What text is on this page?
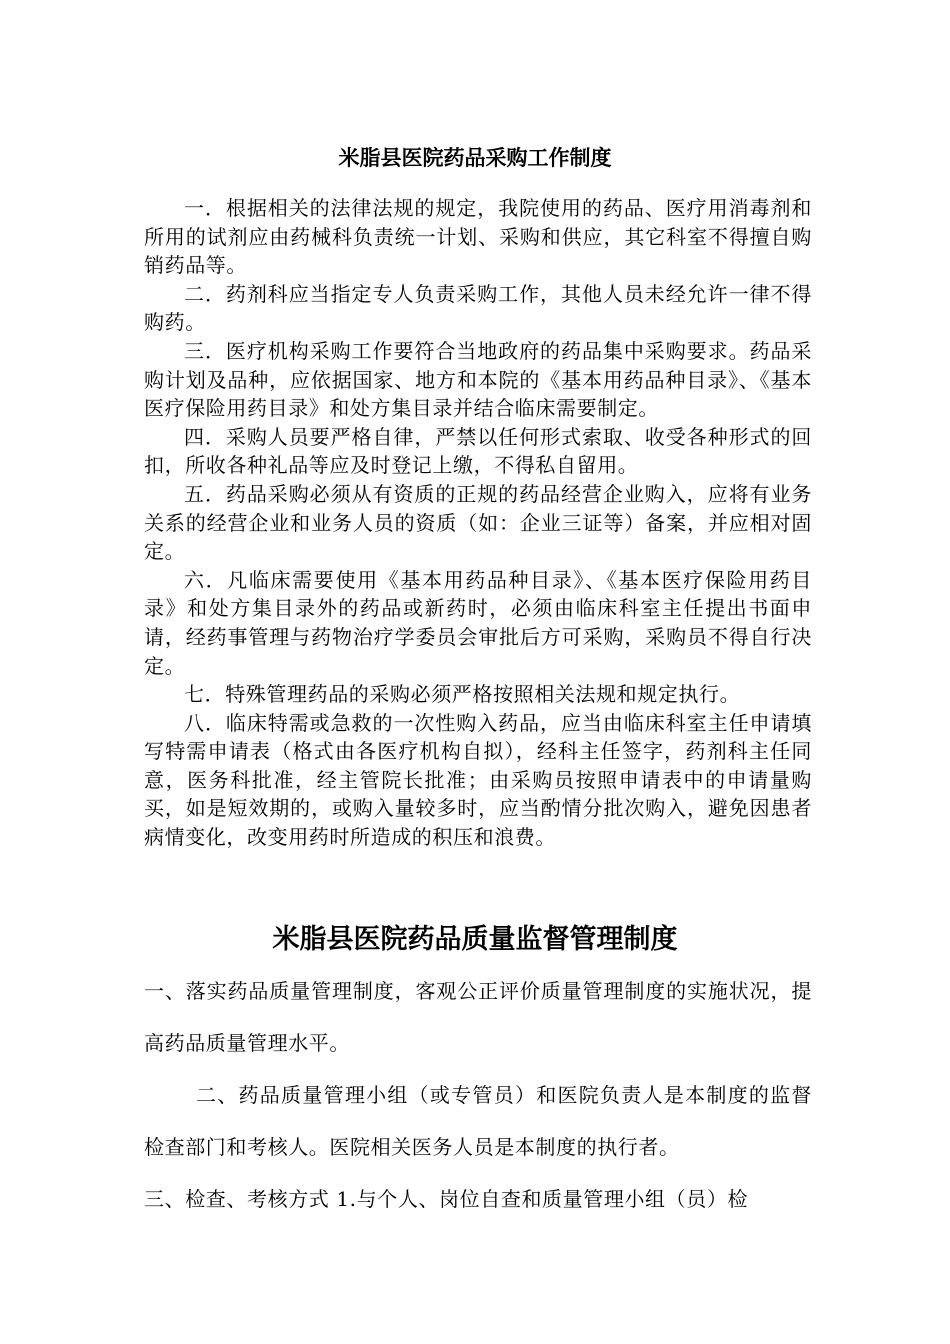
米脂县医院药品采购工作制度

一．根据相关的法律法规的规定，我院使用的药品、医疗用消毒剂和所用的试剂应由药械科负责统一计划、采购和供应，其它科室不得擅自购销药品等。

二．药剂科应当指定专人负责采购工作，其他人员未经允许一律不得购药。

三．医疗机构采购工作要符合当地政府的药品集中采购要求。药品采购计划及品种，应依据国家、地方和本院的《基本用药品种目录》、《基本医疗保险用药目录》和处方集目录并结合临床需要制定。

四．采购人员要严格自律，严禁以任何形式索取、收受各种形式的回扣，所收各种礼品等应及时登记上缴，不得私自留用。

五．药品采购必须从有资质的正规的药品经营企业购入，应将有业务关系的经营企业和业务人员的资质（如：企业三证等）备案，并应相对固定。

六．凡临床需要使用《基本用药品种目录》、《基本医疗保险用药目录》和处方集目录外的药品或新药时，必须由临床科室主任提出书面申请，经药事管理与药物治疗学委员会审批后方可采购，采购员不得自行决定。

七．特殊管理药品的采购必须严格按照相关法规和规定执行。

八．临床特需或急救的一次性购入药品，应当由临床科室主任申请填写特需申请表（格式由各医疗机构自拟），经科主任签字，药剂科主任同意，医务科批准，经主管院长批准；由采购员按照申请表中的申请量购买，如是短效期的，或购入量较多时，应当酌情分批次购入，避免因患者病情变化，改变用药时所造成的积压和浪费。

米脂县医院药品质量监督管理制度

一、落实药品质量管理制度，客观公正评价质量管理制度的实施状况，提高药品质量管理水平。

二、药品质量管理小组（或专管员）和医院负责人是本制度的监督检查部门和考核人。医院相关医务人员是本制度的执行者。

三、检查、考核方式 1.与个人、岗位自查和质量管理小组（员）检
